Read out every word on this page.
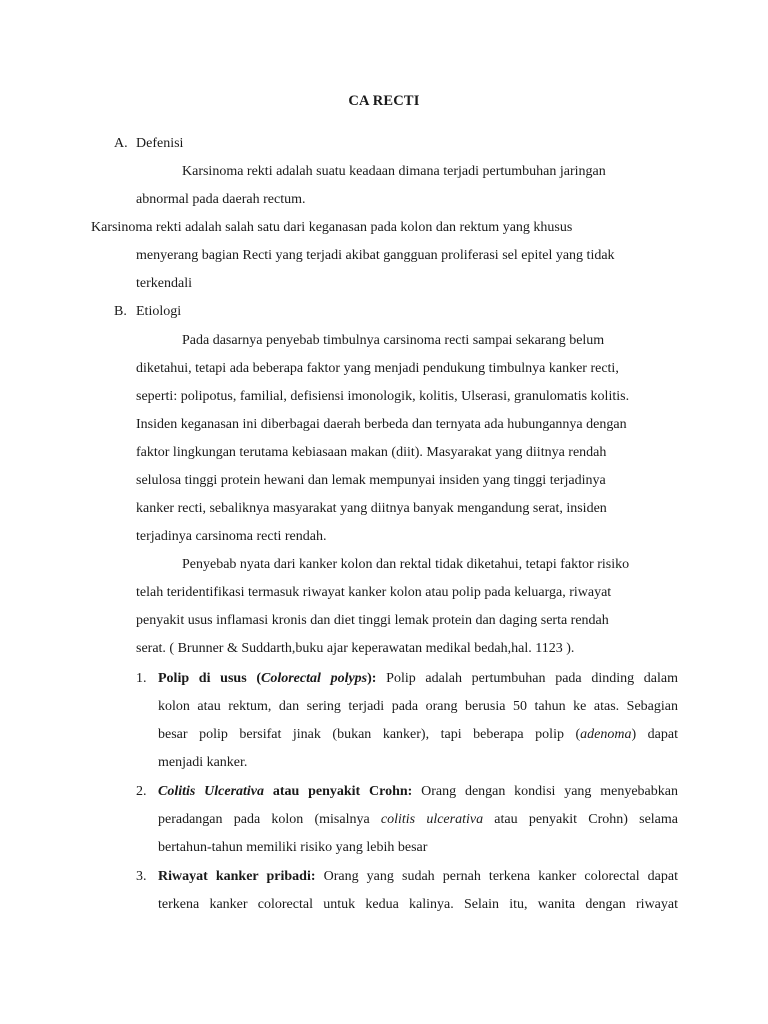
CA RECTI
A. Defenisi
Karsinoma rekti adalah suatu keadaan dimana terjadi pertumbuhan jaringan
abnormal pada daerah rectum.
Karsinoma rekti adalah salah satu dari keganasan pada kolon dan rektum yang khusus
menyerang bagian Recti yang terjadi akibat gangguan proliferasi sel epitel yang tidak
terkendali
B. Etiologi
Pada dasarnya penyebab timbulnya carsinoma recti sampai sekarang belum
diketahui, tetapi ada beberapa faktor yang menjadi pendukung timbulnya kanker recti,
seperti: polipotus, familial, defisiensi imonologik, kolitis, Ulserasi, granulomatis kolitis.
Insiden keganasan ini diberbagai daerah berbeda dan ternyata ada hubungannya dengan
faktor lingkungan terutama kebiasaan makan (diit). Masyarakat yang diitnya rendah
selulosa tinggi protein hewani dan lemak mempunyai insiden yang tinggi terjadinya
kanker recti, sebaliknya masyarakat yang diitnya banyak mengandung serat, insiden
terjadinya carsinoma recti rendah.
Penyebab nyata dari kanker kolon dan rektal tidak diketahui, tetapi faktor risiko
telah teridentifikasi termasuk riwayat kanker kolon atau polip pada keluarga, riwayat
penyakit usus inflamasi kronis dan diet tinggi lemak protein dan daging serta rendah
serat. ( Brunner & Suddarth,buku ajar keperawatan medikal bedah,hal. 1123 ).
1. Polip di usus (Colorectal polyps): Polip adalah pertumbuhan pada dinding dalam
kolon atau rektum, dan sering terjadi pada orang berusia 50 tahun ke atas. Sebagian
besar polip bersifat jinak (bukan kanker), tapi beberapa polip (adenoma) dapat
menjadi kanker.
2. Colitis Ulcerativa atau penyakit Crohn: Orang dengan kondisi yang menyebabkan
peradangan pada kolon (misalnya colitis ulcerativa atau penyakit Crohn) selama
bertahun-tahun memiliki risiko yang lebih besar
3. Riwayat kanker pribadi: Orang yang sudah pernah terkena kanker colorectal dapat
terkena kanker colorectal untuk kedua kalinya. Selain itu, wanita dengan riwayat
